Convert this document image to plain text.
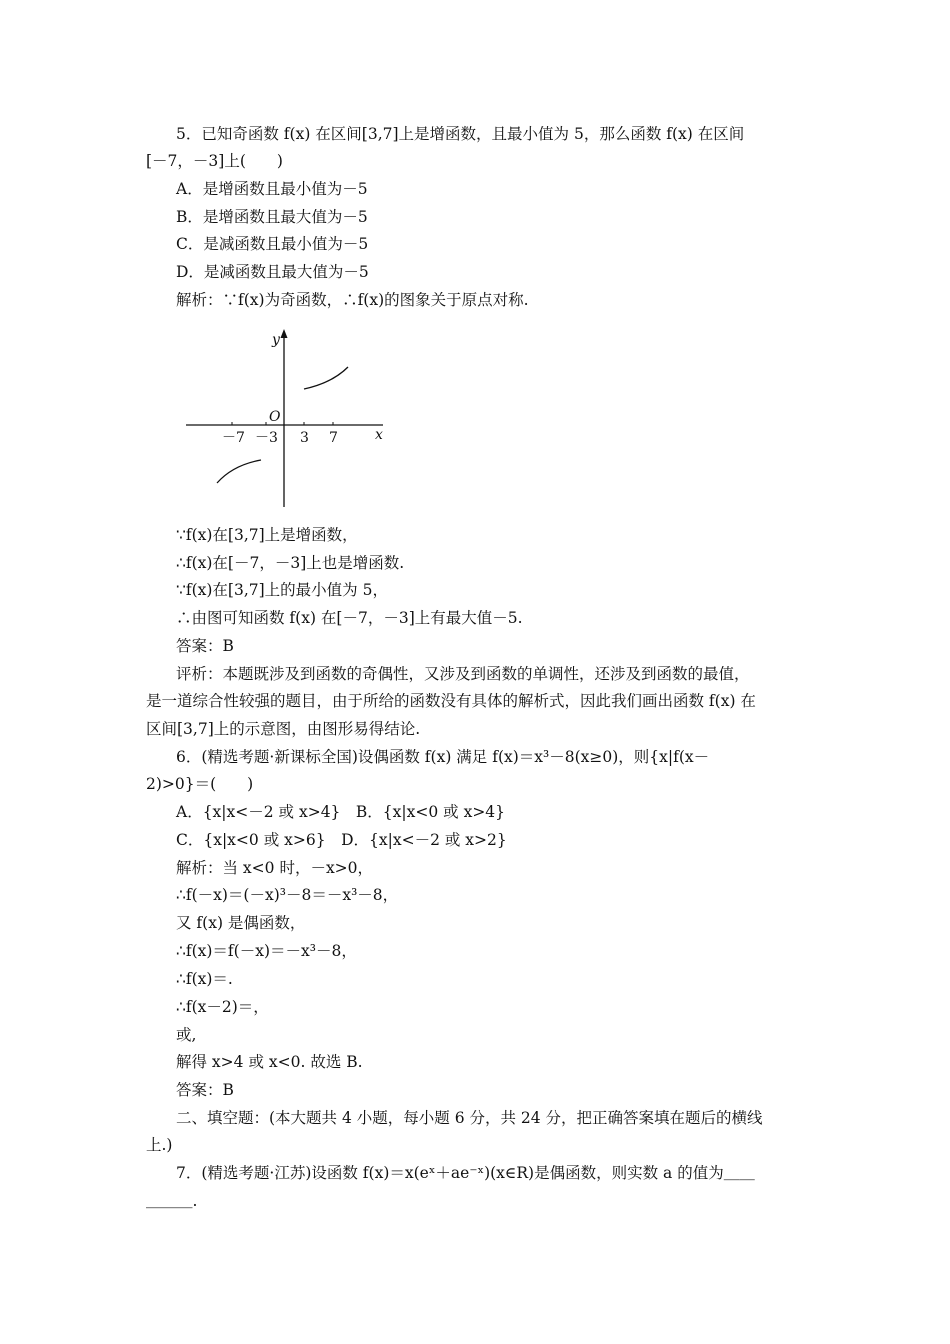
5．已知奇函数 f(x) 在区间[3,7]上是增函数，且最小值为 5，那么函数 f(x) 在区间
[－7，－3]上(　　)
A．是增函数且最小值为－5
B．是增函数且最大值为－5
C．是减函数且最小值为－5
D．是减函数且最大值为－5
解析：∵f(x)为奇函数，∴f(x)的图象关于原点对称.
y
x
O
－7 －3 3 7
∵f(x)在[3,7]上是增函数，
∴f(x)在[－7，－3]上也是增函数.
∵f(x)在[3,7]上的最小值为 5，
∴由图可知函数 f(x) 在[－7，－3]上有最大值－5.
答案：B
评析：本题既涉及到函数的奇偶性，又涉及到函数的单调性，还涉及到函数的最值，
是一道综合性较强的题目，由于所给的函数没有具体的解析式，因此我们画出函数 f(x) 在
区间[3,7]上的示意图，由图形易得结论.
6．(精选考题·新课标全国)设偶函数 f(x) 满足 f(x)＝x³－8(x≥0)，则{x|f(x－
2)>0}＝(　　)
A．{x|x<－2 或 x>4}　B．{x|x<0 或 x>4}
C．{x|x<0 或 x>6}　D．{x|x<－2 或 x>2}
解析：当 x<0 时，－x>0，
∴f(－x)＝(－x)³－8＝－x³－8，
又 f(x) 是偶函数，
∴f(x)＝f(－x)＝－x³－8，
∴f(x)＝.
∴f(x－2)＝，
或,
解得 x>4 或 x<0. 故选 B.
答案：B
二、填空题：(本大题共 4 小题，每小题 6 分，共 24 分，把正确答案填在题后的横线
上.)
7．(精选考题·江苏)设函数 f(x)＝x(eˣ＋ae⁻ˣ)(x∈R)是偶函数，则实数 a 的值为＿＿
＿＿＿.
